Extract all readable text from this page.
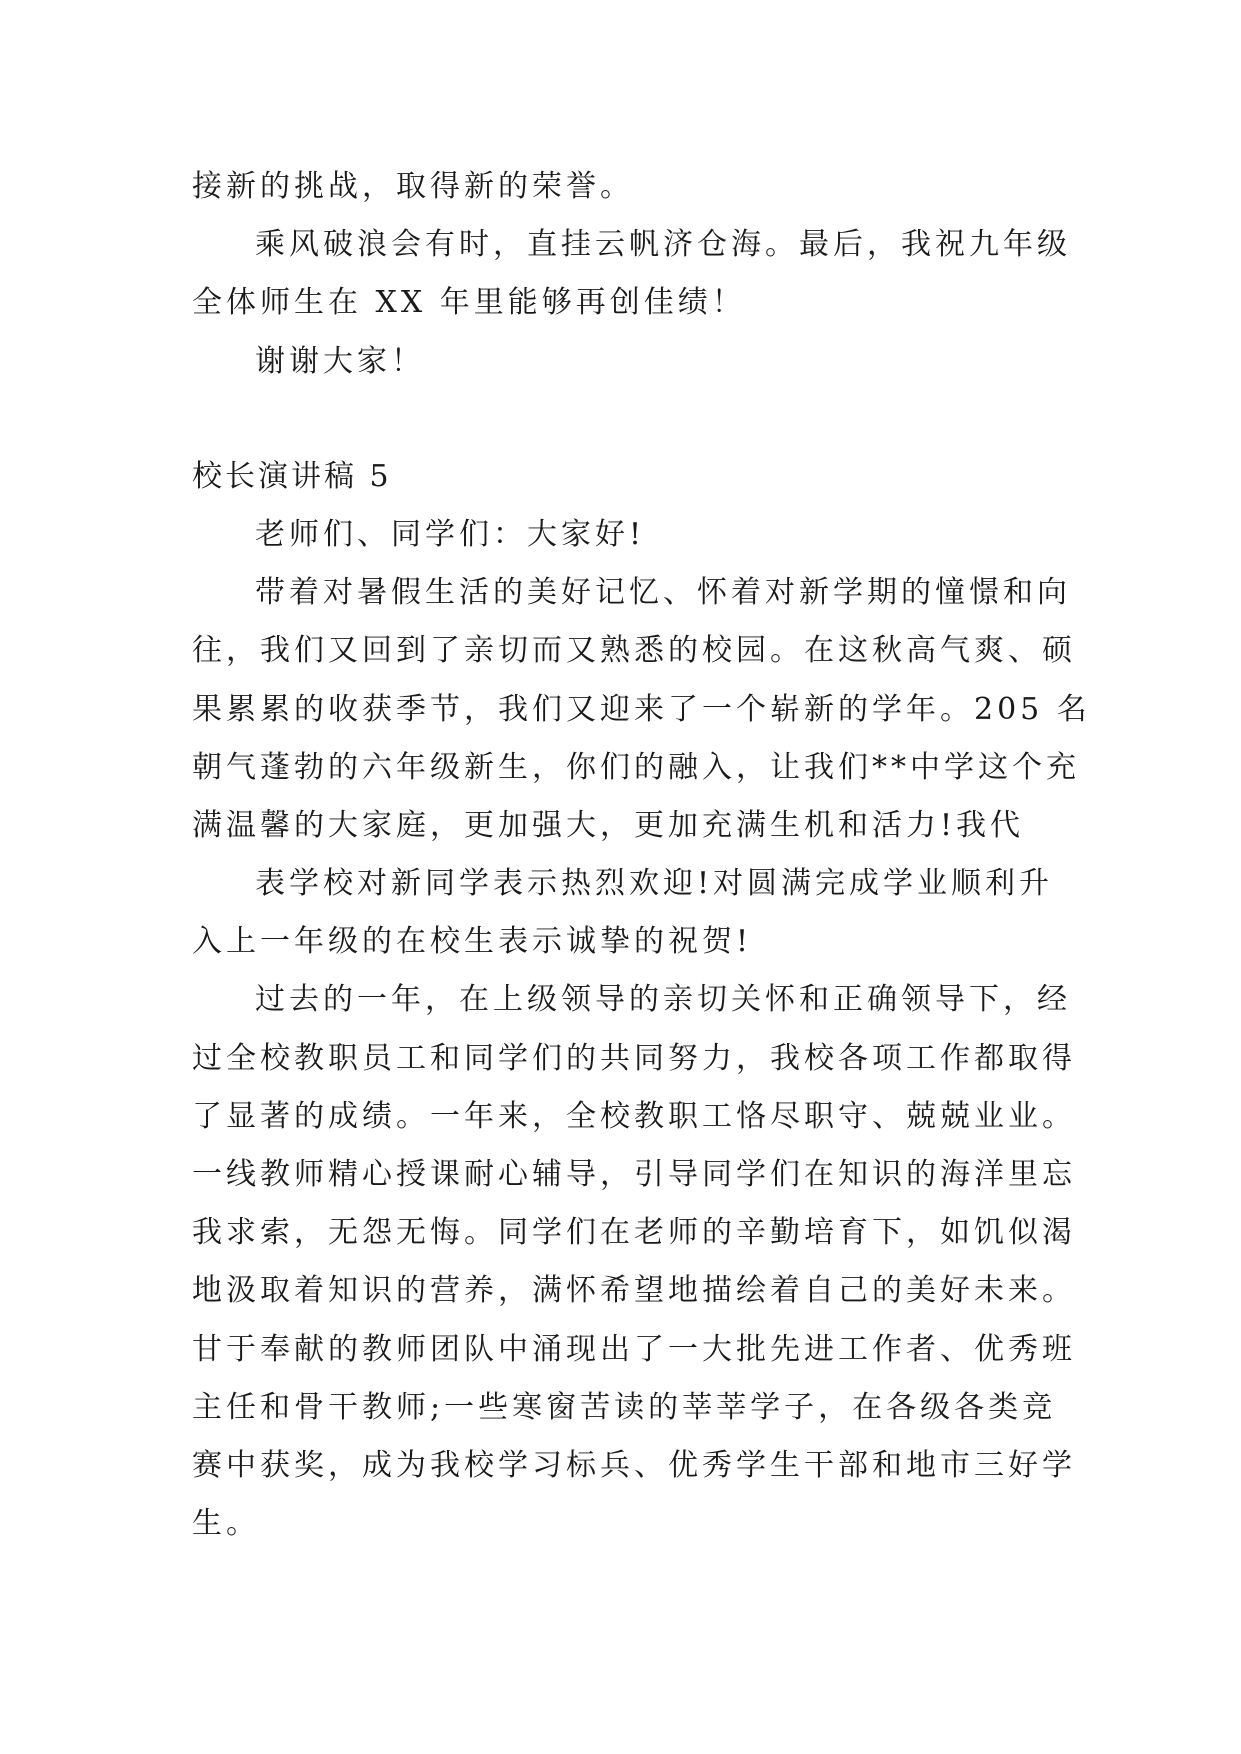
接新的挑战，取得新的荣誉。

乘风破浪会有时，直挂云帆济仓海。最后，我祝九年级

全体师生在 XX 年里能够再创佳绩！

谢谢大家！

校长演讲稿 5

老师们、同学们：大家好!

带着对暑假生活的美好记忆、怀着对新学期的憧憬和向

往，我们又回到了亲切而又熟悉的校园。在这秋高气爽、硕

果累累的收获季节，我们又迎来了一个崭新的学年。205 名

朝气蓬勃的六年级新生，你们的融入，让我们**中学这个充

满温馨的大家庭，更加强大，更加充满生机和活力!我代

表学校对新同学表示热烈欢迎!对圆满完成学业顺利升

入上一年级的在校生表示诚挚的祝贺!

过去的一年，在上级领导的亲切关怀和正确领导下，经

过全校教职员工和同学们的共同努力，我校各项工作都取得

了显著的成绩。一年来，全校教职工恪尽职守、兢兢业业。

一线教师精心授课耐心辅导，引导同学们在知识的海洋里忘

我求索，无怨无悔。同学们在老师的辛勤培育下，如饥似渴

地汲取着知识的营养，满怀希望地描绘着自己的美好未来。

甘于奉献的教师团队中涌现出了一大批先进工作者、优秀班

主任和骨干教师;一些寒窗苦读的莘莘学子，在各级各类竞

赛中获奖，成为我校学习标兵、优秀学生干部和地市三好学

生。
